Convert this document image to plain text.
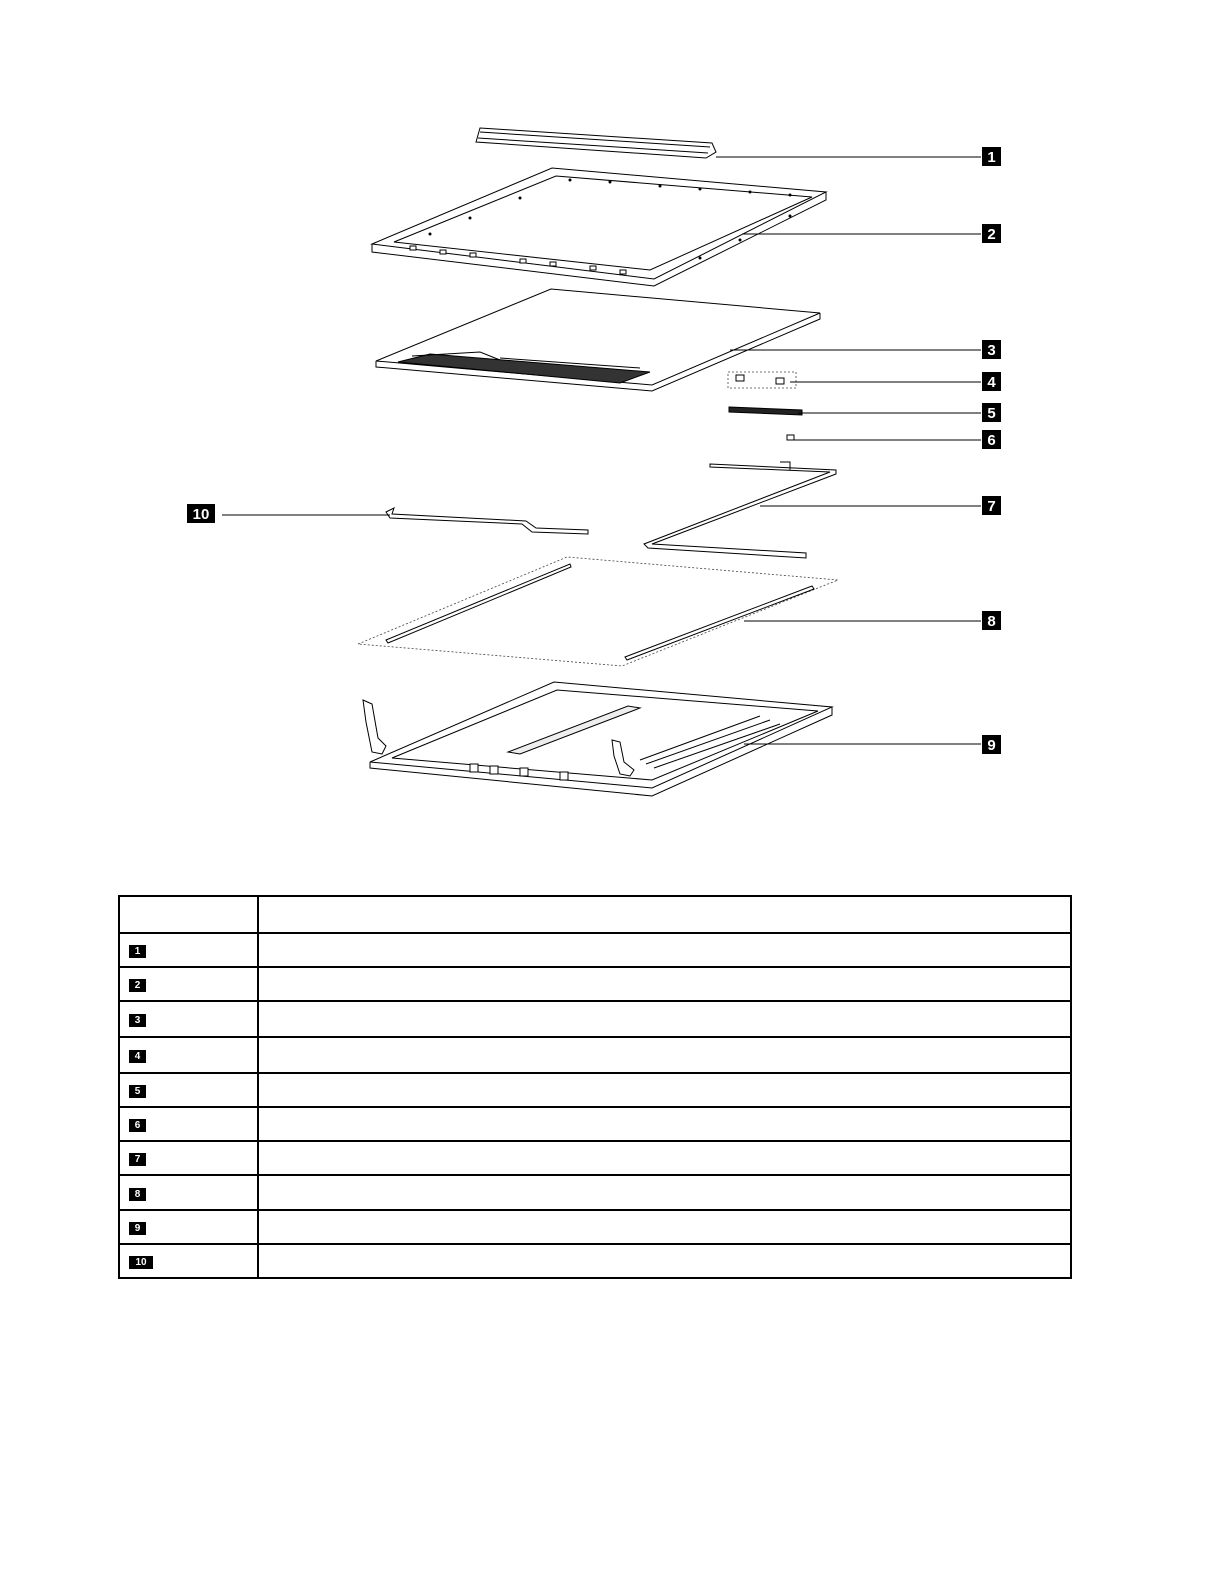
1
2
3
4
5
6
7
8
9
10

1	
2	
3	
4	
5	
6	
7	
8	
9	
10	
